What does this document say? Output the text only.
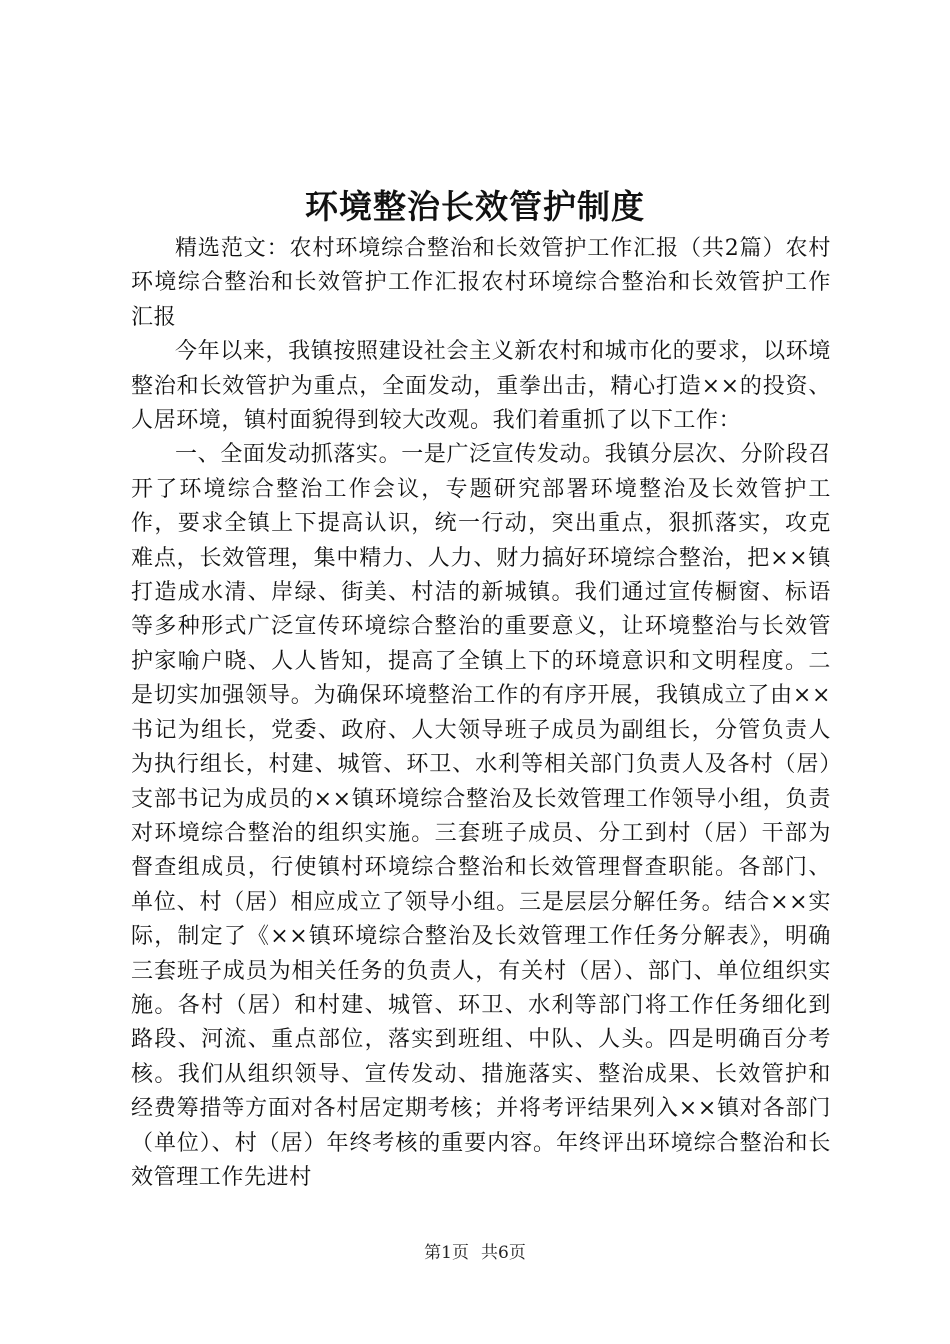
环境整治长效管护制度

精选范文：农村环境综合整治和长效管护工作汇报（共2篇）农村环境综合整治和长效管护工作汇报农村环境综合整治和长效管护工作汇报

今年以来，我镇按照建设社会主义新农村和城市化的要求，以环境整治和长效管护为重点，全面发动，重拳出击，精心打造××的投资、人居环境，镇村面貌得到较大改观。我们着重抓了以下工作：

一、全面发动抓落实。一是广泛宣传发动。我镇分层次、分阶段召开了环境综合整治工作会议，专题研究部署环境整治及长效管护工作，要求全镇上下提高认识，统一行动，突出重点，狠抓落实，攻克难点，长效管理，集中精力、人力、财力搞好环境综合整治，把××镇打造成水清、岸绿、街美、村洁的新城镇。我们通过宣传橱窗、标语等多种形式广泛宣传环境综合整治的重要意义，让环境整治与长效管护家喻户晓、人人皆知，提高了全镇上下的环境意识和文明程度。二是切实加强领导。为确保环境整治工作的有序开展，我镇成立了由××书记为组长，党委、政府、人大领导班子成员为副组长，分管负责人为执行组长，村建、城管、环卫、水利等相关部门负责人及各村（居）支部书记为成员的××镇环境综合整治及长效管理工作领导小组，负责对环境综合整治的组织实施。三套班子成员、分工到村（居）干部为督查组成员，行使镇村环境综合整治和长效管理督查职能。各部门、单位、村（居）相应成立了领导小组。三是层层分解任务。结合××实际，制定了《××镇环境综合整治及长效管理工作任务分解表》，明确三套班子成员为相关任务的负责人，有关村（居）、部门、单位组织实施。各村（居）和村建、城管、环卫、水利等部门将工作任务细化到路段、河流、重点部位，落实到班组、中队、人头。四是明确百分考核。我们从组织领导、宣传发动、措施落实、整治成果、长效管护和经费筹措等方面对各村居定期考核；并将考评结果列入××镇对各部门（单位）、村（居）年终考核的重要内容。年终评出环境综合整治和长效管理工作先进村

第1页 共6页
